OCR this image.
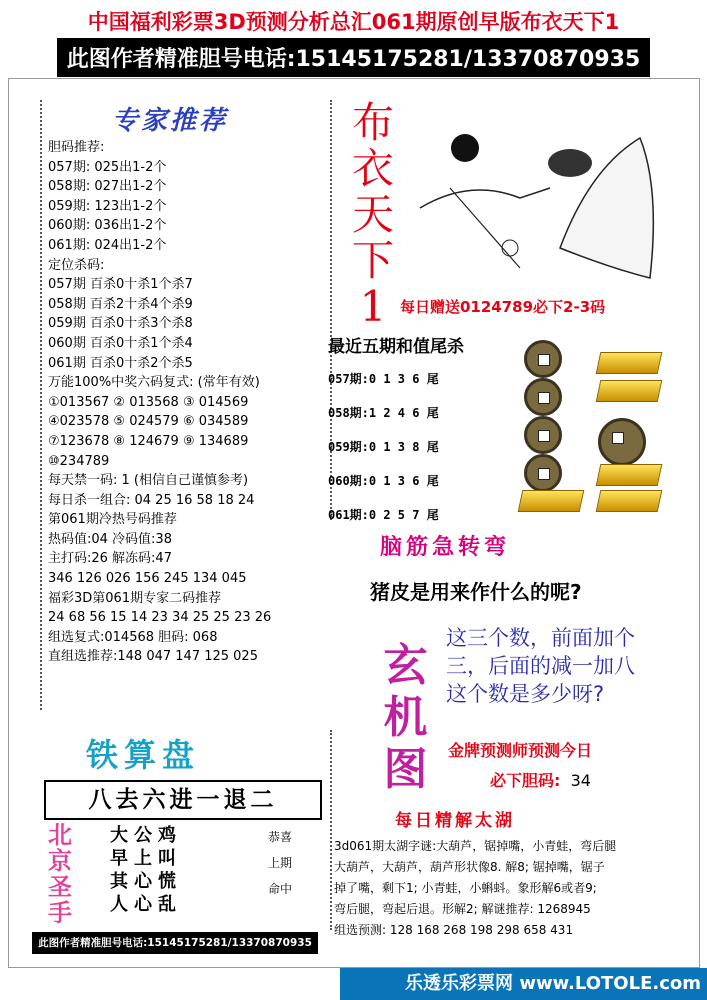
中国福利彩票3D预测分析总汇061期原创早版布衣天下1
此图作者精准胆号电话:15145175281/13370870935
专家推荐
胆码推荐:
057期: 025出1-2个
058期: 027出1-2个
059期: 123出1-2个
060期: 036出1-2个
061期: 024出1-2个
定位杀码:
057期 百杀0十杀1个杀7
058期 百杀2十杀4个杀9
059期 百杀0十杀3个杀8
060期 百杀0十杀1个杀4
061期 百杀0十杀2个杀5
万能100%中奖六码复式: (常年有效)
①013567 ② 013568 ③ 014569
④023578 ⑤ 024579 ⑥ 034589
⑦123678 ⑧ 124679 ⑨ 134689
⑩234789
每天禁一码: 1 (相信自己谨慎参考)
每日杀一组合: 04 25 16 58 18 24
第061期冷热号码推荐
热码值:04 冷码值:38
主打码:26 解冻码:47
346 126 026 156 245 134 045
福彩3D第061期专家二码推荐
24 68 56 15 14 23 34 25 25 23 26
组选复式:014568 胆码: 068
直组选推荐:148 047 147 125 025
布
衣
天
下
1 每日赠送0124789必下2-3码
最近五期和值尾杀
057期:0 1 3 6 尾
058期:1 2 4 6 尾
059期:0 1 3 8 尾
060期:0 1 3 6 尾
061期:0 2 5 7 尾
脑筋急转弯
猪皮是用来作什么的呢?
玄
机
图
这三个数，前面加个
三，后面的减一加八
这个数是多少呀?
金牌预测师预测今日
必下胆码: 34
每日精解太湖
3d061期太湖字谜:大葫芦，锯掉嘴，小青蛙，弯后腿
大葫芦，大葫芦，葫芦形状像8. 解8; 锯掉嘴，锯子
掉了嘴，剩下1; 小青蛙，小蝌蚪。象形解6或者9;
弯后腿，弯起后退。形解2; 解谜推荐: 1268945
组选预测: 128 168 268 198 298 658 431
铁算盘
八去六进一退二
北
京
圣
手
大公鸡
早上叫
其心慌
人心乱
恭喜
上期
命中
此图作者精准胆号电话:15145175281/13370870935
乐透乐彩票网 www.LOTOLE.com
